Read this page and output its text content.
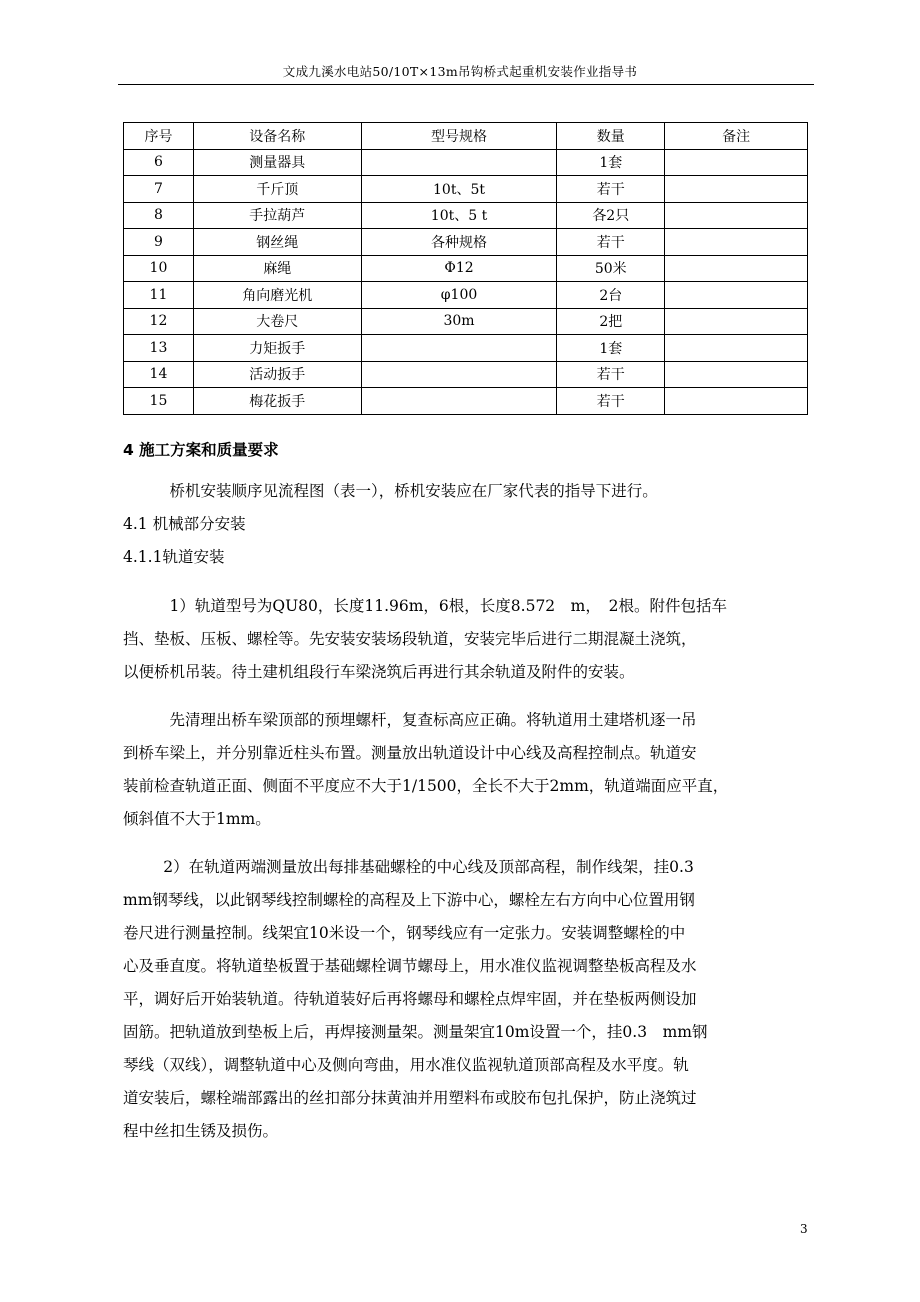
文成九溪水电站50/10T×13m吊钩桥式起重机安装作业指导书
序号	设备名称	型号规格	数量	备注
6	测量器具		1套	
7	千斤顶	10t、5t	若干	
8	手拉葫芦	10t、5 t	各2只	
9	钢丝绳	各种规格	若干	
10	麻绳	Φ12	50米	
11	角向磨光机	φ100	2台	
12	大卷尺	30m	2把	
13	力矩扳手		1套	
14	活动扳手		若干	
15	梅花扳手		若干	
4 施工方案和质量要求

桥机安装顺序见流程图（表一），桥机安装应在厂家代表的指导下进行。

4.1 机械部分安装
4.1.1轨道安装
1）轨道型号为QU80，长度11.96m，6根，长度8.572　m，　2根。附件包括车
挡、垫板、压板、螺栓等。先安装安装场段轨道，安装完毕后进行二期混凝土浇筑，
以便桥机吊装。待土建机组段行车梁浇筑后再进行其余轨道及附件的安装。
先清理出桥车梁顶部的预埋螺杆，复查标高应正确。将轨道用土建塔机逐一吊
到桥车梁上，并分别靠近柱头布置。测量放出轨道设计中心线及高程控制点。轨道安
装前检查轨道正面、侧面不平度应不大于1/1500，全长不大于2mm，轨道端面应平直，
倾斜值不大于1mm。
2）在轨道两端测量放出每排基础螺栓的中心线及顶部高程，制作线架，挂0.3
mm钢琴线，以此钢琴线控制螺栓的高程及上下游中心，螺栓左右方向中心位置用钢
卷尺进行测量控制。线架宜10米设一个，钢琴线应有一定张力。安装调整螺栓的中
心及垂直度。将轨道垫板置于基础螺栓调节螺母上，用水准仪监视调整垫板高程及水
平，调好后开始装轨道。待轨道装好后再将螺母和螺栓点焊牢固，并在垫板两侧设加
固筋。把轨道放到垫板上后，再焊接测量架。测量架宜10m设置一个，挂0.3　mm钢
琴线（双线），调整轨道中心及侧向弯曲，用水准仪监视轨道顶部高程及水平度。轨
道安装后，螺栓端部露出的丝扣部分抹黄油并用塑料布或胶布包扎保护，防止浇筑过
程中丝扣生锈及损伤。
3
